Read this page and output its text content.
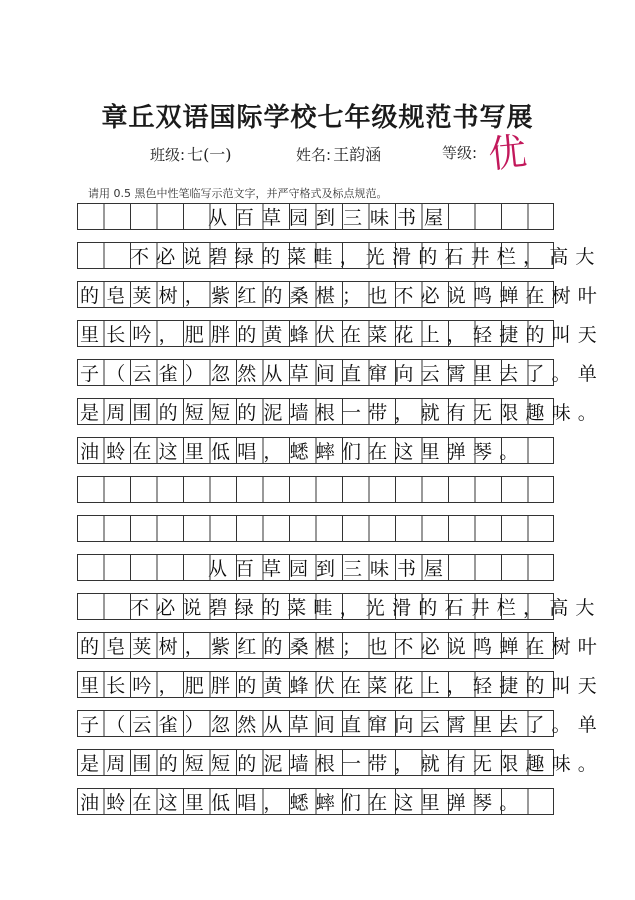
章丘双语国际学校七年级规范书写展
班级: 七(一)	姓名: 王韵涵	等级: 优
请用 0.5 黑色中性笔临写示范文字，并严守格式及标点规范。
从百草园到三味书屋
不必说碧绿的菜畦，光滑的石井栏，高大
的皂荚树，紫红的桑椹；也不必说鸣蝉在树叶
里长吟，肥胖的黄蜂伏在菜花上，轻捷的叫天
子（云雀）忽然从草间直窜向云霄里去了。单
是周围的短短的泥墙根一带，就有无限趣味。
油蛉在这里低唱，蟋蟀们在这里弹琴。
从百草园到三味书屋
不必说碧绿的菜畦，光滑的石井栏，高大
的皂荚树，紫红的桑椹；也不必说鸣蝉在树叶
里长吟，肥胖的黄蜂伏在菜花上，轻捷的叫天
子（云雀）忽然从草间直窜向云霄里去了。单
是周围的短短的泥墙根一带，就有无限趣味。
油蛉在这里低唱，蟋蟀们在这里弹琴。
